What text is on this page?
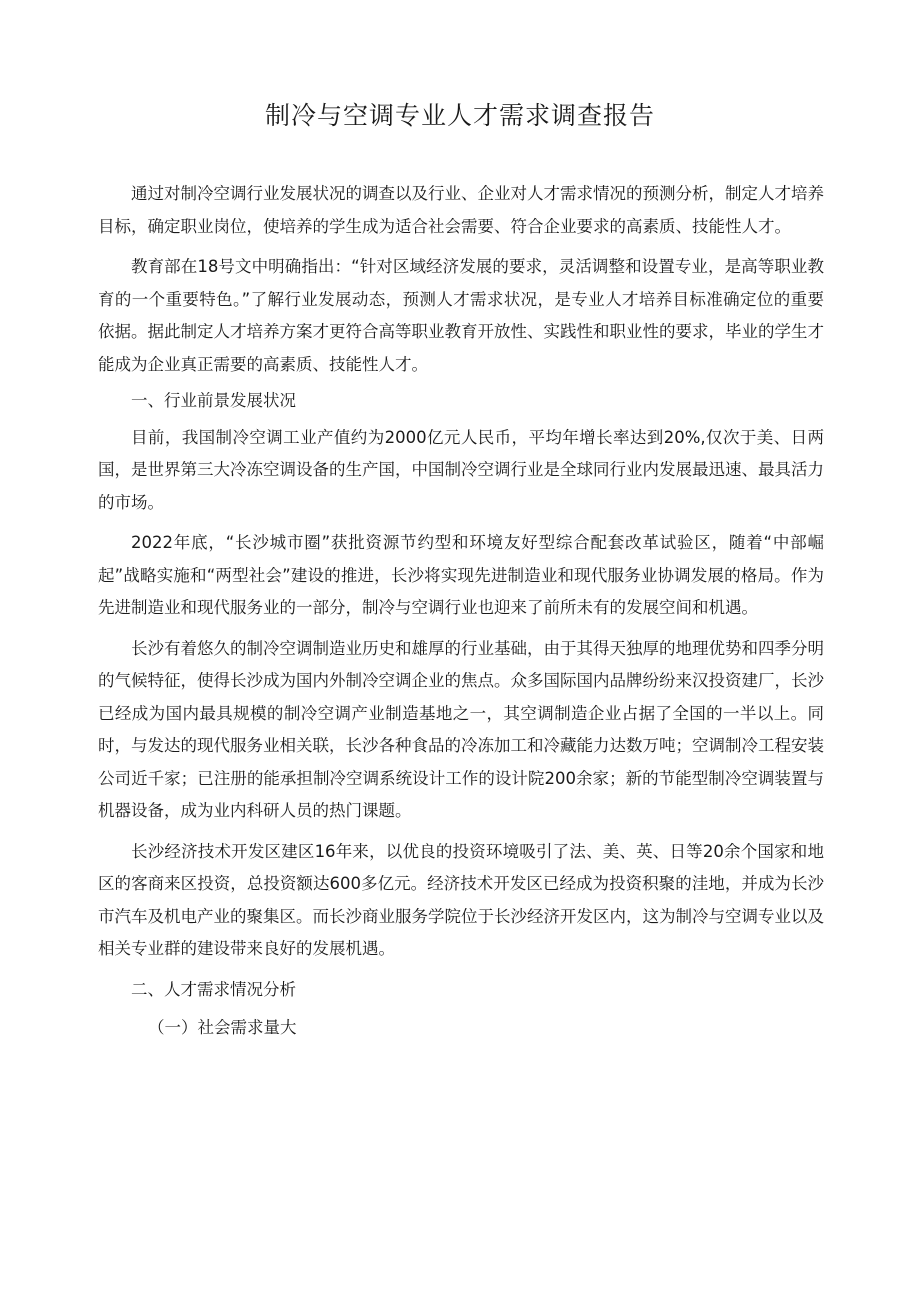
制冷与空调专业人才需求调查报告

通过对制冷空调行业发展状况的调查以及行业、企业对人才需求情况的预测分析，制定人才培养目标，确定职业岗位，使培养的学生成为适合社会需要、符合企业要求的高素质、技能性人才。

教育部在18号文中明确指出：“针对区域经济发展的要求，灵活调整和设置专业，是高等职业教育的一个重要特色。”了解行业发展动态，预测人才需求状况，是专业人才培养目标准确定位的重要依据。据此制定人才培养方案才更符合高等职业教育开放性、实践性和职业性的要求，毕业的学生才能成为企业真正需要的高素质、技能性人才。

一、行业前景发展状况

目前，我国制冷空调工业产值约为2000亿元人民币，平均年增长率达到20%,仅次于美、日两国，是世界第三大冷冻空调设备的生产国，中国制冷空调行业是全球同行业内发展最迅速、最具活力的市场。

2022年底，“长沙城市圈”获批资源节约型和环境友好型综合配套改革试验区，随着“中部崛起”战略实施和“两型社会”建设的推进，长沙将实现先进制造业和现代服务业协调发展的格局。作为先进制造业和现代服务业的一部分，制冷与空调行业也迎来了前所未有的发展空间和机遇。

长沙有着悠久的制冷空调制造业历史和雄厚的行业基础，由于其得天独厚的地理优势和四季分明的气候特征，使得长沙成为国内外制冷空调企业的焦点。众多国际国内品牌纷纷来汉投资建厂，长沙已经成为国内最具规模的制冷空调产业制造基地之一，其空调制造企业占据了全国的一半以上。同时，与发达的现代服务业相关联，长沙各种食品的冷冻加工和冷藏能力达数万吨；空调制冷工程安装公司近千家；已注册的能承担制冷空调系统设计工作的设计院200余家；新的节能型制冷空调装置与机器设备，成为业内科研人员的热门课题。

长沙经济技术开发区建区16年来，以优良的投资环境吸引了法、美、英、日等20余个国家和地区的客商来区投资，总投资额达600多亿元。经济技术开发区已经成为投资积聚的洼地，并成为长沙市汽车及机电产业的聚集区。而长沙商业服务学院位于长沙经济开发区内，这为制冷与空调专业以及相关专业群的建设带来良好的发展机遇。

二、人才需求情况分析

（一）社会需求量大
